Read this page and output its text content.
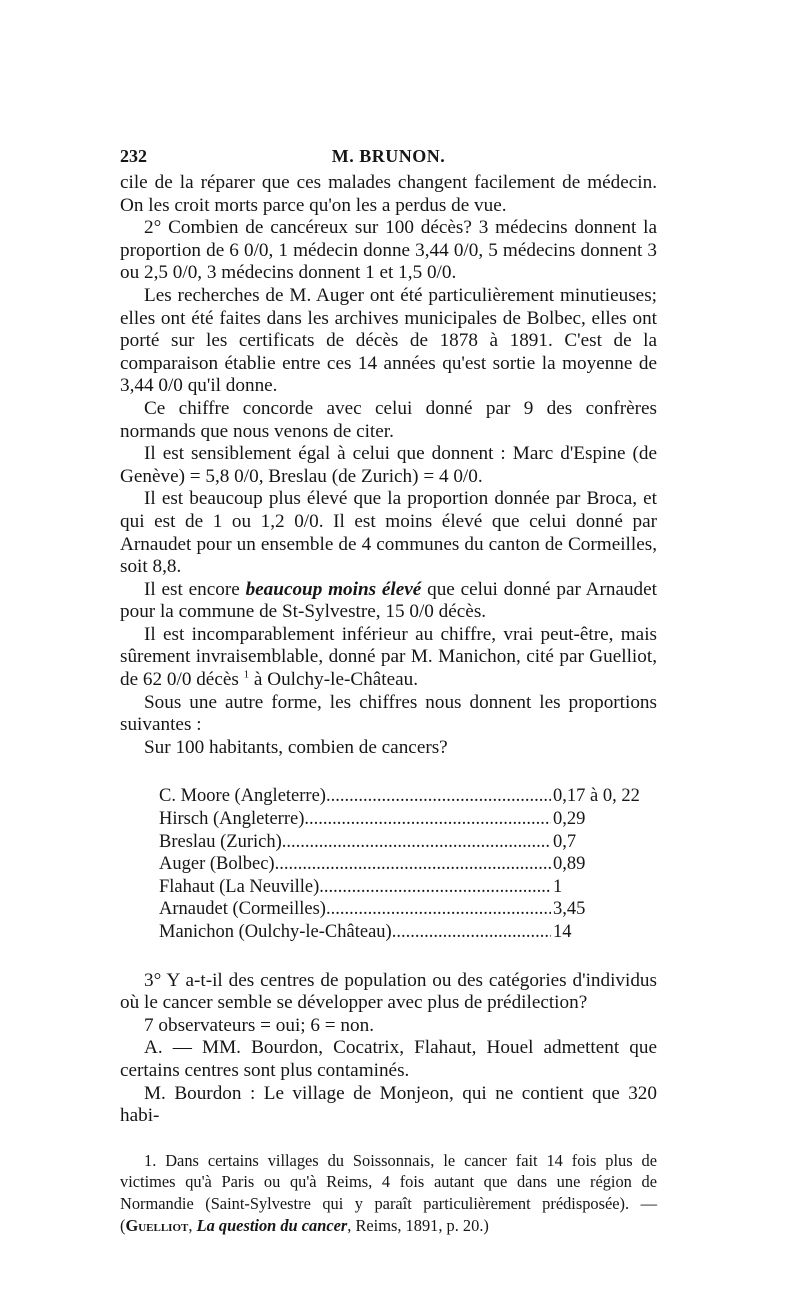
232	M. BRUNON.

cile de la réparer que ces malades changent facilement de médecin. On les croit morts parce qu'on les a perdus de vue.

2° Combien de cancéreux sur 100 décès? 3 médecins donnent la proportion de 6 0/0, 1 médecin donne 3,44 0/0, 5 médecins donnent 3 ou 2,5 0/0, 3 médecins donnent 1 et 1,5 0/0.

Les recherches de M. Auger ont été particulièrement minutieuses; elles ont été faites dans les archives municipales de Bolbec, elles ont porté sur les certificats de décès de 1878 à 1891. C'est de la comparaison établie entre ces 14 années qu'est sortie la moyenne de 3,44 0/0 qu'il donne.

Ce chiffre concorde avec celui donné par 9 des confrères normands que nous venons de citer.

Il est sensiblement égal à celui que donnent : Marc d'Espine (de Genève) = 5,8 0/0, Breslau (de Zurich) = 4 0/0.

Il est beaucoup plus élevé que la proportion donnée par Broca, et qui est de 1 ou 1,2 0/0. Il est moins élevé que celui donné par Arnaudet pour un ensemble de 4 communes du canton de Cormeilles, soit 8,8.

Il est encore beaucoup moins élevé que celui donné par Arnaudet pour la commune de St-Sylvestre, 15 0/0 décès.

Il est incomparablement inférieur au chiffre, vrai peut-être, mais sûrement invraisemblable, donné par M. Manichon, cité par Guelliot, de 62 0/0 décès $^1$ à Oulchy-le-Château.

Sous une autre forme, les chiffres nous donnent les proportions suivantes :

Sur 100 habitants, combien de cancers?

C. Moore (Angleterre) .....	0,17 à 0, 22
Hirsch (Angleterre) .....	0,29
Breslau (Zurich) .....	0,7
Auger (Bolbec) .....	0,89
Flahaut (La Neuville) .....	1
Arnaudet (Cormeilles) .....	3,45
Manichon (Oulchy-le-Château) .....	14

3° Y a-t-il des centres de population ou des catégories d'individus où le cancer semble se développer avec plus de prédilection?

7 observateurs = oui; 6 = non.

A. — MM. Bourdon, Cocatrix, Flahaut, Houel admettent que certains centres sont plus contaminés.

M. Bourdon : Le village de Monjeon, qui ne contient que 320 habi-

1. Dans certains villages du Soissonnais, le cancer fait 14 fois plus de victimes qu'à Paris ou qu'à Reims, 4 fois autant que dans une région de Normandie (Saint-Sylvestre qui y paraît particulièrement prédisposée). — (Guelliot, La question du cancer, Reims, 1891, p. 20.)
